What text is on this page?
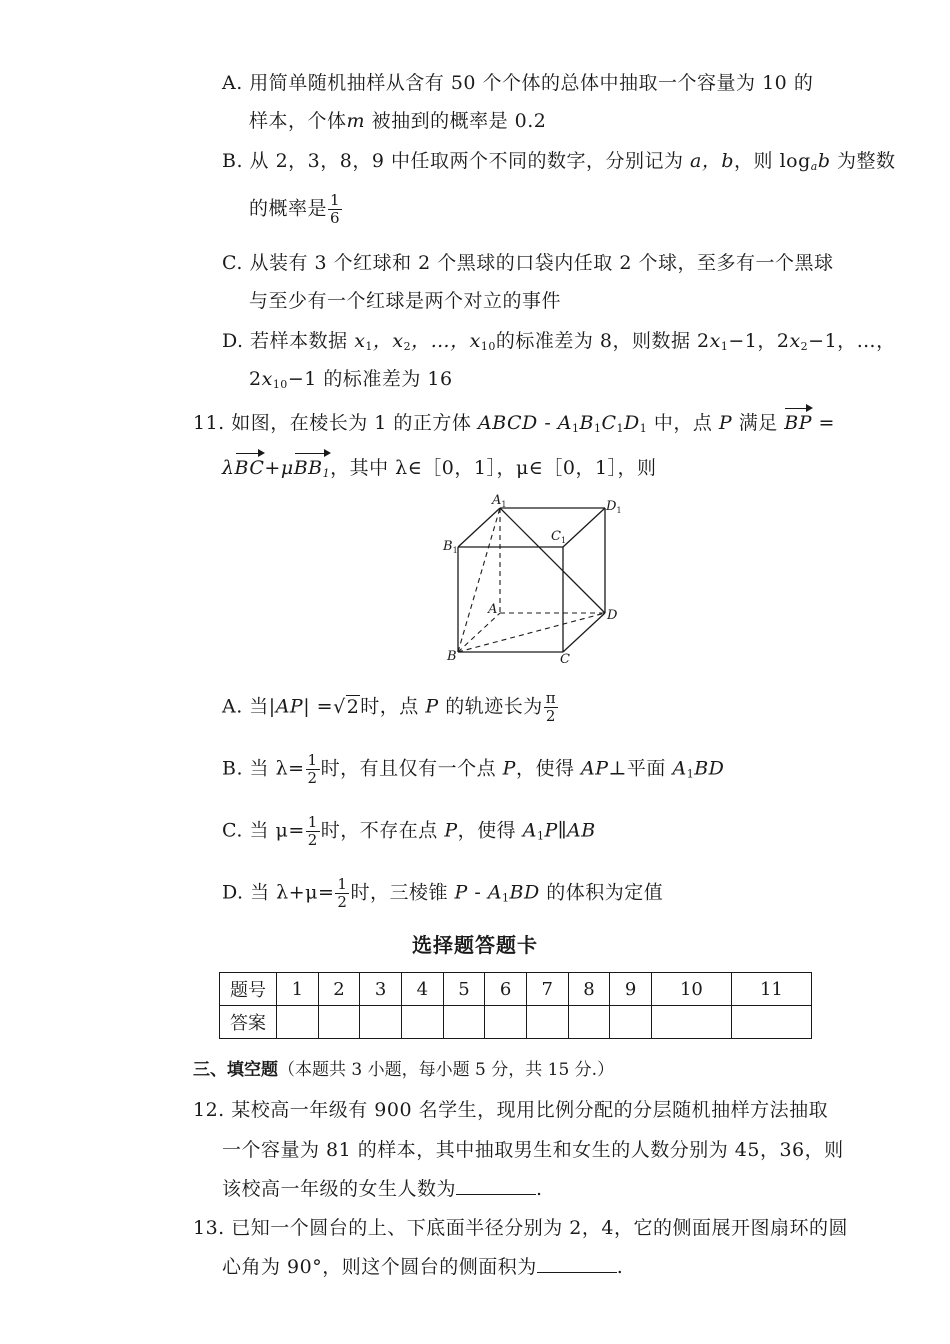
A. 用简单随机抽样从含有 50 个个体的总体中抽取一个容量为 10 的
样本，个体m 被抽到的概率是 0.2
B. 从 2，3，8，9 中任取两个不同的数字，分别记为 a，b，则 $\log_ab$ 为整数
的概率是 $\frac{1}{6}$
C. 从装有 3 个红球和 2 个黑球的口袋内任取 2 个球，至多有一个黑球
与至少有一个红球是两个对立的事件
D. 若样本数据 $x_1$，$x_2$，…，$x_{10}$的标准差为 8，则数据 $2x_1-1$，$2x_2-1$，…，
$2x_{10}-1$ 的标准差为 16
11. 如图，在棱长为 1 的正方体 ABCD - $A_1B_1C_1D_1$ 中，点 P 满足 BP =
λBC+μBB$_1$，其中 λ∈［0，1］，μ∈［0，1］，则
$A_1$
$B_1$
$C_1$
$D_1$
A
B	C
D
A. 当|AP| =√2时，点 P 的轨迹长为 $\frac{\pi}{2}$
B. 当 $\lambda= \frac{1}{2}$ 时，有且仅有一个点 P，使得 AP⊥平面 $A_1BD$
C. 当 $\mu= \frac{1}{2}$ 时，不存在点 P，使得 $A_1P\parallel AB$
D. 当 $\lambda+\mu= \frac{1}{2}$ 时，三棱锥 P - $A_1BD$ 的体积为定值
选择题答题卡
题号	1	2	3	4	5	6	7	8	9	10	11
答案											
三、填空题（本题共 3 小题，每小题 5 分，共 15 分.）
12. 某校高一年级有 900 名学生，现用比例分配的分层随机抽样方法抽取
一个容量为 81 的样本，其中抽取男生和女生的人数分别为 45，36，则
该校高一年级的女生人数为	.
13. 已知一个圆台的上、下底面半径分别为 2，4，它的侧面展开图扇环的圆
心角为 90°，则这个圆台的侧面积为	.
